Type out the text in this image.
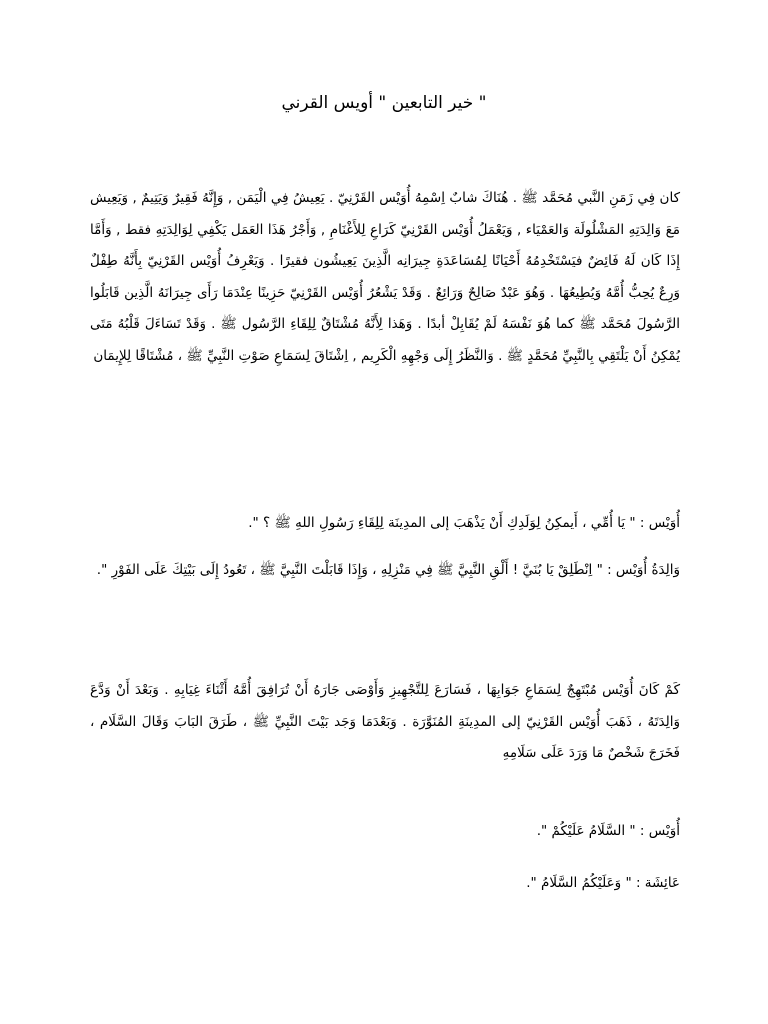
" خير التابعين " أويس القرني
كان فِي زَمَنِ النَّبي مُحَمَّد ﷺ . هُنَاكَ شابٌ اِسْمِهُ أُوَيْس القَرْنِيّ . يَعِيشُ فِي الْيَمَن , وَإِنَّهُ فَقِيرٌ وَيَتِيمٌ , وَيَعِيش مَعَ وَالِدَتِهِ المَشْلُولَة وَالعَمْيَاء , وَيَعْمَلُ أُوَيْس القَرْنِيّ كَرَاعِ لِلأَغْنَامِ , وَأَجْرُ هَذَا العَمَل يَكْفِي لِوَالِدَتِهِ فقط , وَأَمَّا إِذَا كَان لَهُ فَائِضٌ فيَسْتَخْدِمُهُ أَحْيَانًا لِمُسَاعَدَةِ جِيرَانِه الَّذِينَ يَعِيشُون فقيرًا . وَيَعْرِفُ أُوَيْس القَرْنِيّ بِأَنَّهُ طِفْلٌ وَرِعٌ يُحِبُّ أُمَّهُ وَيُطِيعُهَا . وَهُوَ عَبْدٌ صَالِحٌ وَرَائِعٌ . وَقَدْ يَشْعُرُ أُوَيْس القَرْنِيّ حَزِينًا عِنْدَمَا رَأَى جِيرَانَهُ الَّذِين قَابَلُوا الرَّسُولَ مُحَمَّد ﷺ كما هُوَ نَفْسَهُ لَمْ يُقَابِلْ أبدًا . وَهَذا لِأَنَّهُ مُشْتَاقٌ لِلِقَاءِ الرَّسُول ﷺ . وَقَدْ تَسَاءَلَ قَلْبُهُ مَتَى يُمْكِنُ أَنْ يَلْتَقِي بِالنَّبِيِّ مُحَمَّدٍ ﷺ . وَالنَّظَرُ إِلَى وَجْهِهِ الْكَرِيم , اِشْتَاقَ لِسَمَاعِ صَوْتِ النَّبِيِّ ﷺ ، مُشْتَاقًا لِلإِيمَان
أُوَيْس : " يَا أُمِّي ، أَيمكِنُ لِوَلَدِكِ أَنْ يَذْهَبَ إلى المدِينَة لِلِقَاءِ رَسُولِ اللهِ ﷺ ؟ ".
وَالِدَةُ أُوَيْس : " اِنْطَلِقْ يَا بُنَيَّ ! أَلْقِ النَّبِيَّ ﷺ فِي مَنْزِلِهِ ، وَإِذَا قَابَلْتَ النَّبِيَّ ﷺ ، تَعُودُ إِلَى بَيْتِكَ عَلَى الفَوْرِ ".
كَمْ كَانَ أُوَيْس مُبْتَهِجٌ لِسَمَاعِ جَوَابِهَا ، فَسَارَعَ لِلتَّجْهِيزِ وَأَوْصَى جَارَهُ أَنْ تُرَافِقَ أُمَّهُ أَثْنَاءَ غِيَابِهِ . وَبَعْدَ أَنْ وَدَّعَ وَالِدَتَهُ ، ذَهَبَ أُوَيْس القَرْنِيّ إلى المدِينَةِ المُنَوَّرَة . وَبَعْدَمَا وَجَد بَيْتَ النَّبِيِّ ﷺ ، طَرَقَ البَابَ وَقَالَ السَّلَام ، فَخَرَجَ شَخْصٌ مَا وَرَدَ عَلَى سَلَامِهِ
أُوَيْس : " السَّلَامُ عَلَيْكُمْ ".
عَائِشَة : " وَعَلَيْكُمُ السَّلَامُ ".
